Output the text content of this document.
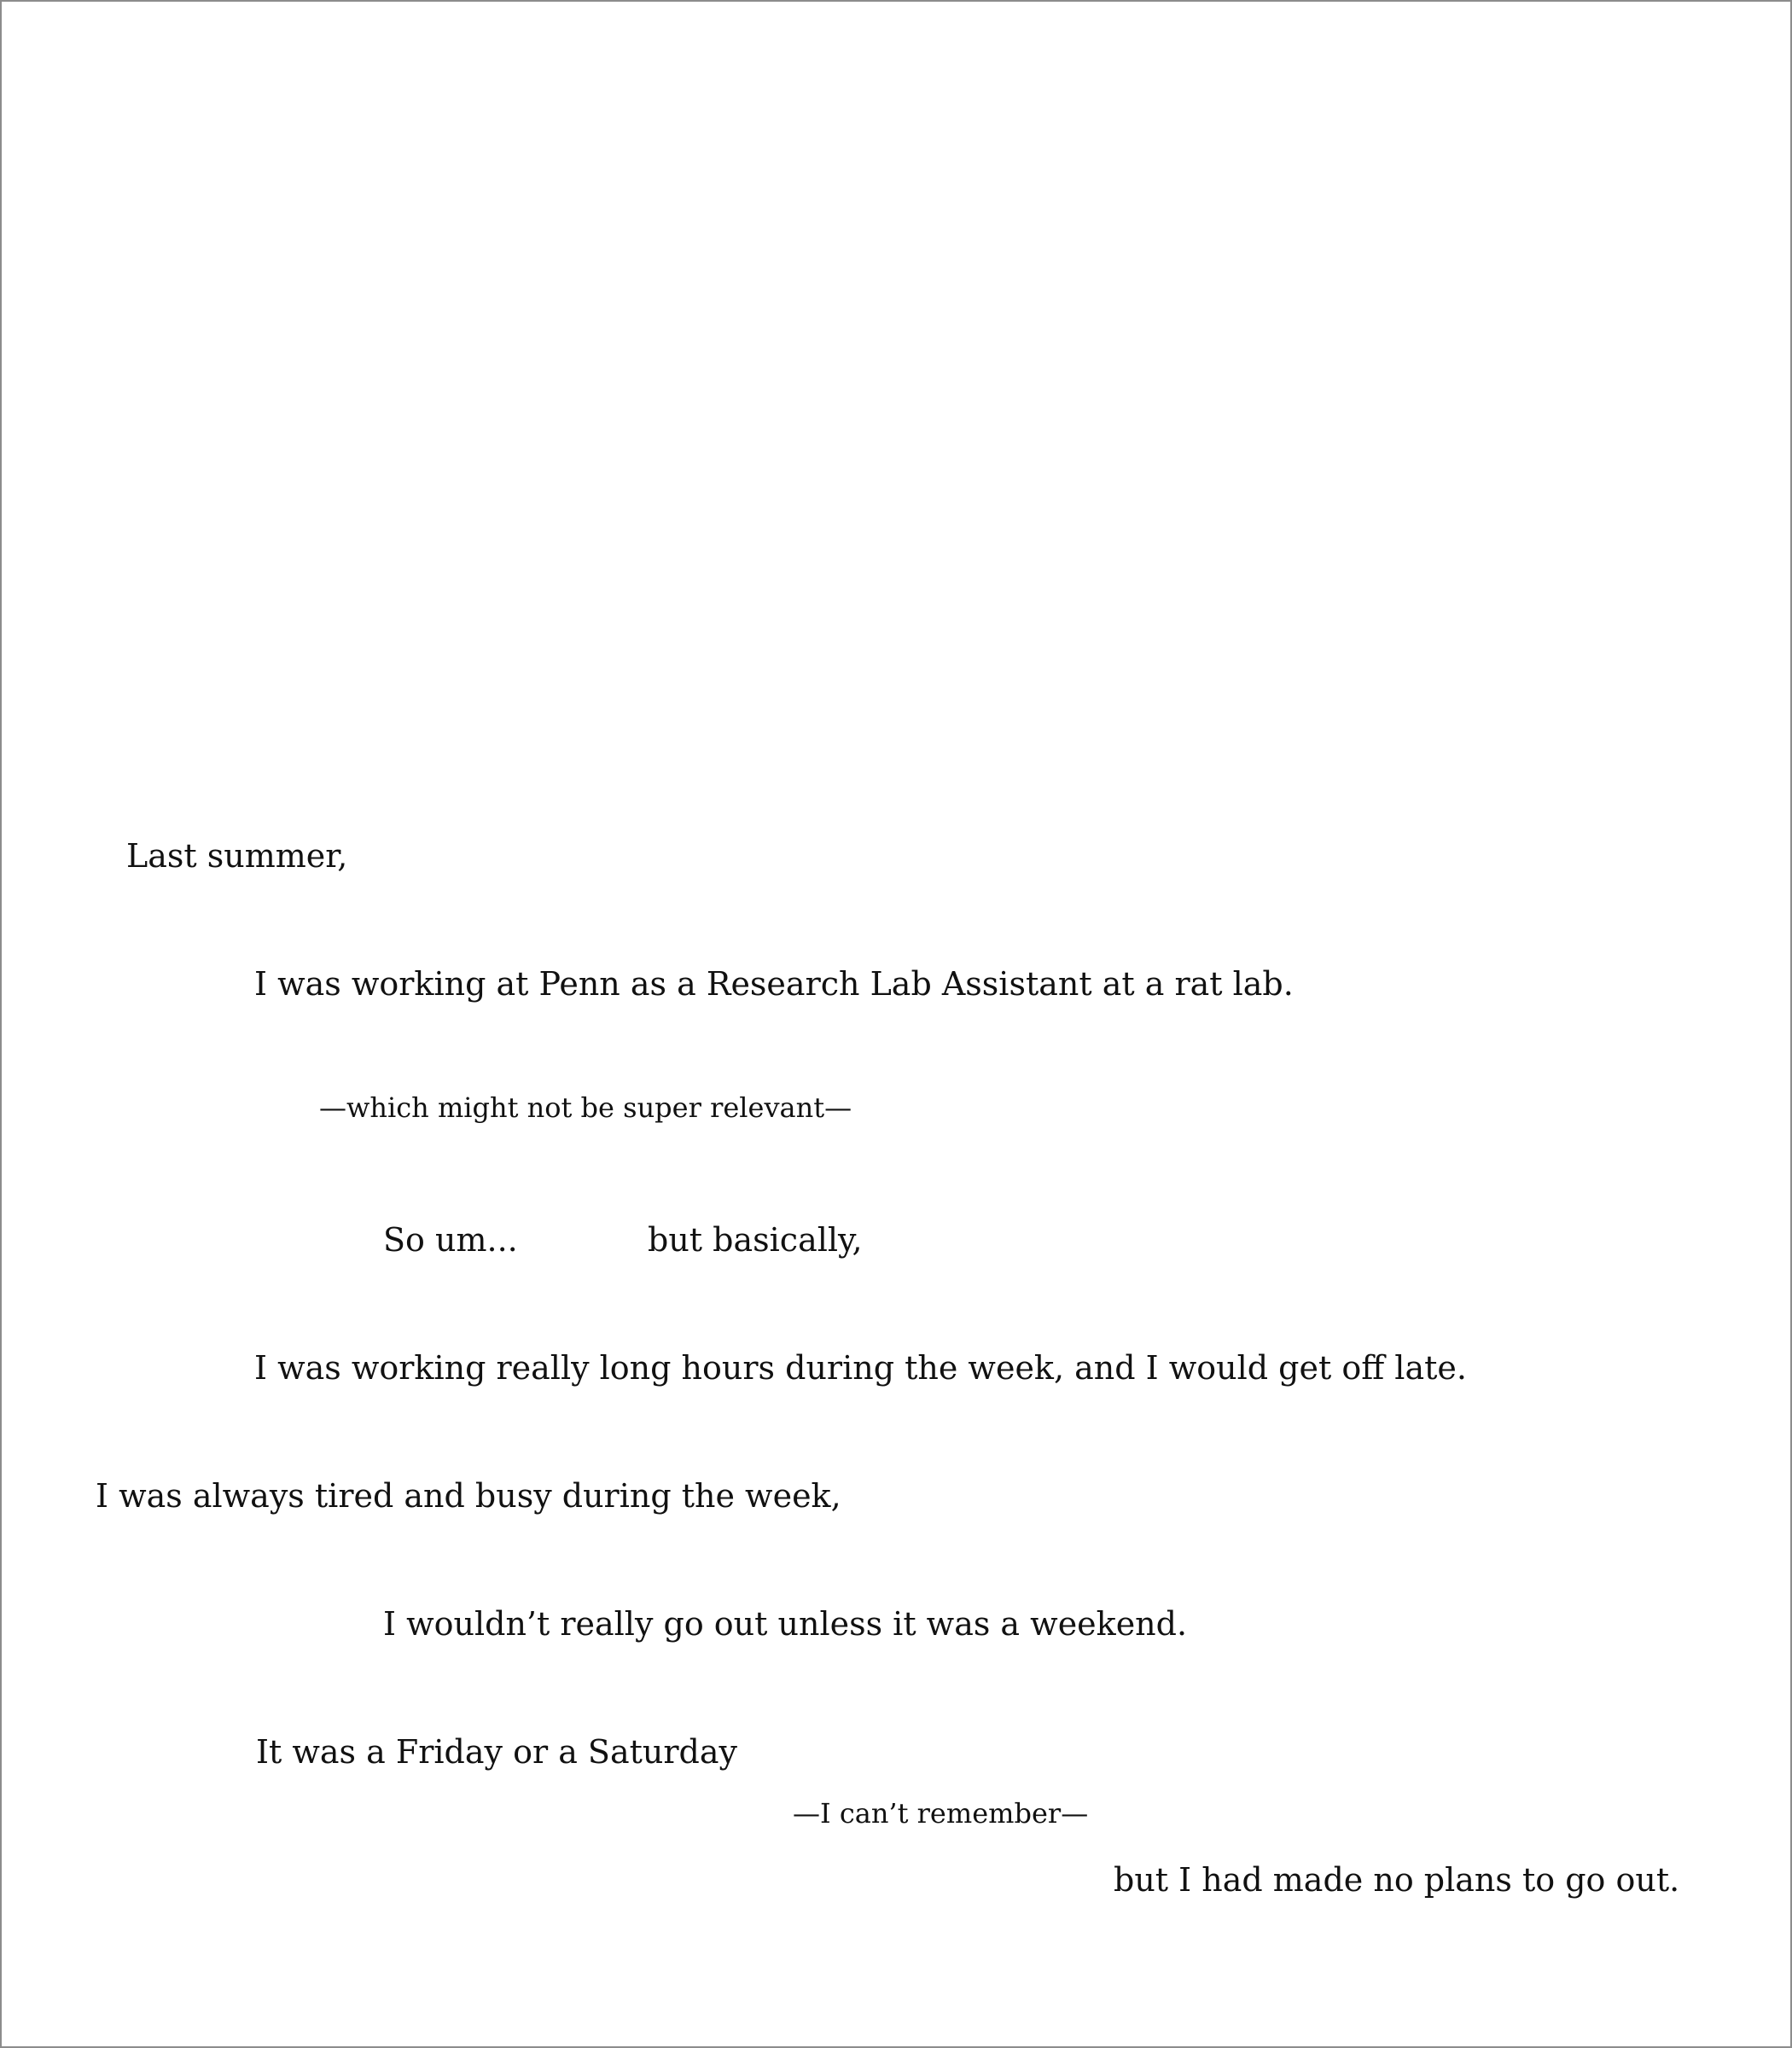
Last summer,
I was working at Penn as a Research Lab Assistant at a rat lab.
—which might not be super relevant—
So um...	but basically,
I was working really long hours during the week, and I would get off late.
I was always tired and busy during the week,
I wouldn’t really go out unless it was a weekend.
It was a Friday or a Saturday
—I can’t remember—
but I had made no plans to go out.
